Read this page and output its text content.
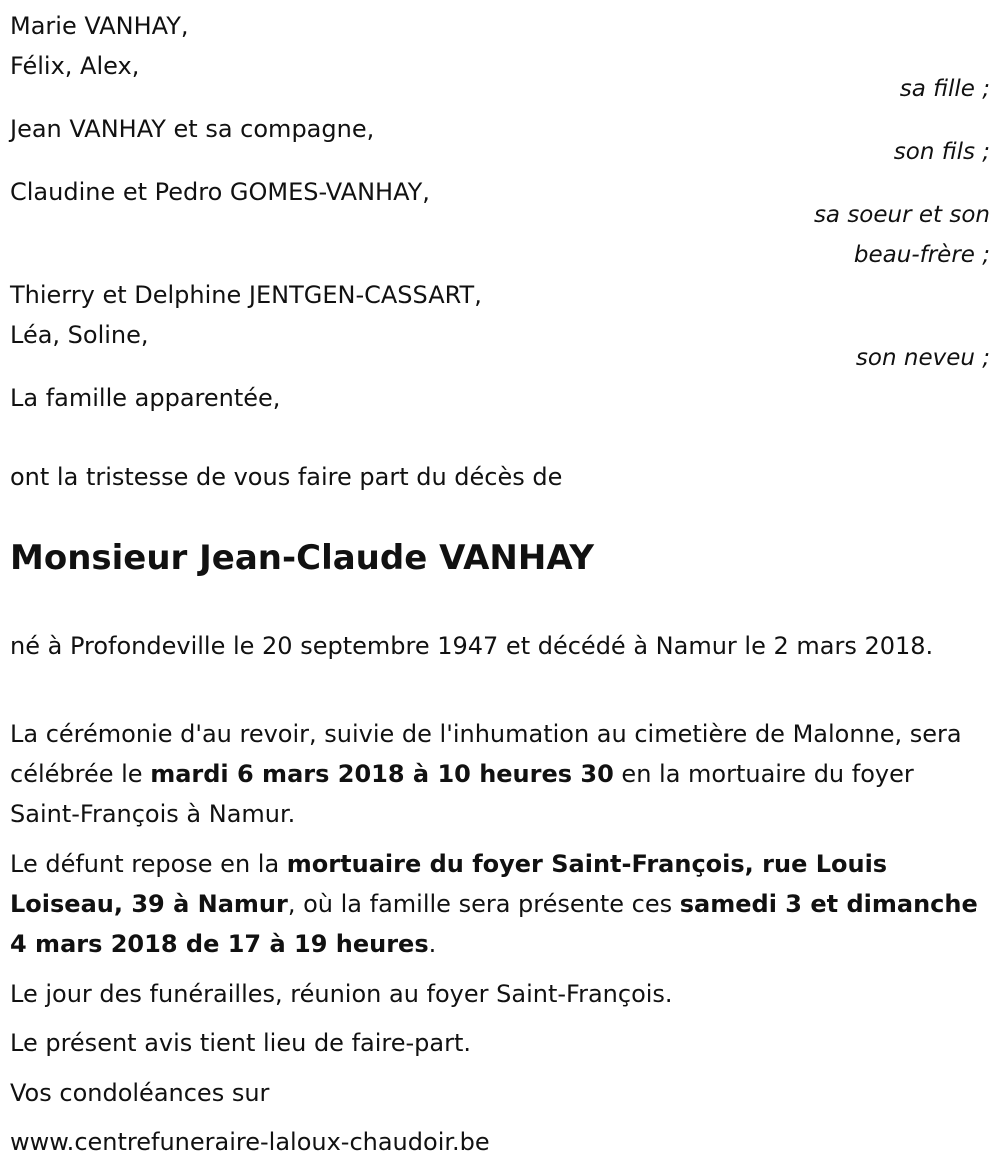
Marie VANHAY,
Félix, Alex,
sa fille ;
Jean VANHAY et sa compagne,
son fils ;
Claudine et Pedro GOMES-VANHAY,
sa soeur et son
beau-frère ;
Thierry et Delphine JENTGEN-CASSART,
Léa, Soline,
son neveu ;
La famille apparentée,
ont la tristesse de vous faire part du décès de
Monsieur Jean-Claude VANHAY
né à Profondeville le 20 septembre 1947 et décédé à Namur le 2 mars 2018.
La cérémonie d'au revoir, suivie de l'inhumation au cimetière de Malonne, sera célébrée le mardi 6 mars 2018 à 10 heures 30 en la mortuaire du foyer Saint-François à Namur.
Le défunt repose en la mortuaire du foyer Saint-François, rue Louis Loiseau, 39 à Namur, où la famille sera présente ces samedi 3 et dimanche 4 mars 2018 de 17 à 19 heures.
Le jour des funérailles, réunion au foyer Saint-François.
Le présent avis tient lieu de faire-part.
Vos condoléances sur
www.centrefuneraire-laloux-chaudoir.be
